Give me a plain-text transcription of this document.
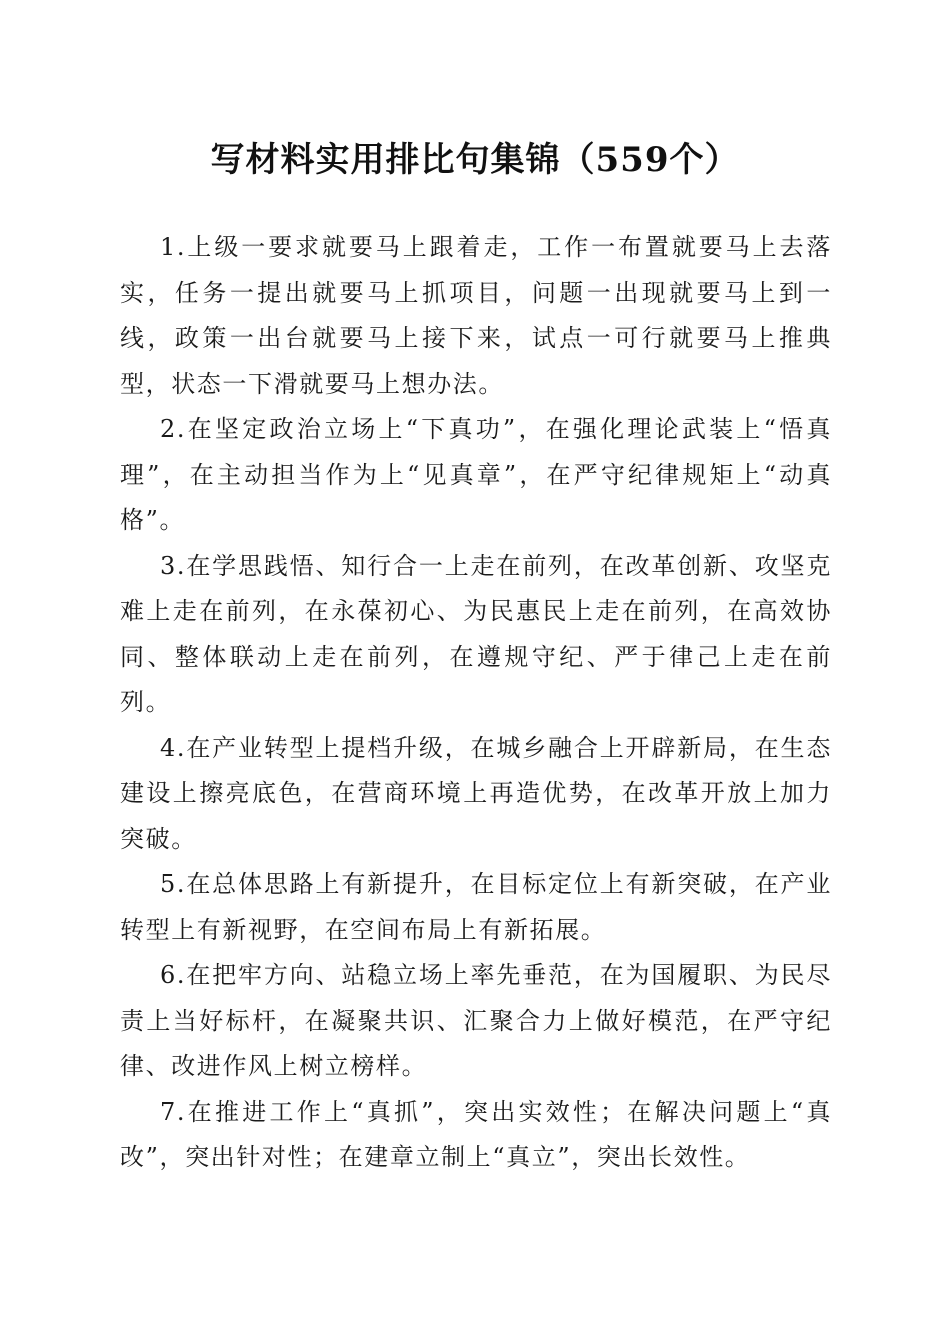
写材料实用排比句集锦（559个）

1.上级一要求就要马上跟着走，工作一布置就要马上去落实，任务一提出就要马上抓项目，问题一出现就要马上到一线，政策一出台就要马上接下来，试点一可行就要马上推典型，状态一下滑就要马上想办法。

2.在坚定政治立场上“下真功”，在强化理论武装上“悟真理”，在主动担当作为上“见真章”，在严守纪律规矩上“动真格”。

3.在学思践悟、知行合一上走在前列，在改革创新、攻坚克难上走在前列，在永葆初心、为民惠民上走在前列，在高效协同、整体联动上走在前列，在遵规守纪、严于律己上走在前列。

4.在产业转型上提档升级，在城乡融合上开辟新局，在生态建设上擦亮底色，在营商环境上再造优势，在改革开放上加力突破。

5.在总体思路上有新提升，在目标定位上有新突破，在产业转型上有新视野，在空间布局上有新拓展。

6.在把牢方向、站稳立场上率先垂范，在为国履职、为民尽责上当好标杆，在凝聚共识、汇聚合力上做好模范，在严守纪律、改进作风上树立榜样。

7.在推进工作上“真抓”，突出实效性；在解决问题上“真改”，突出针对性；在建章立制上“真立”，突出长效性。
